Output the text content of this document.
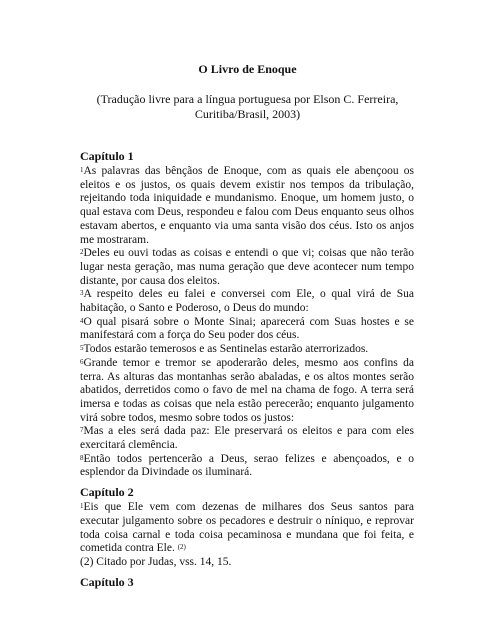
O Livro de Enoque

(Tradução livre para a língua portuguesa por Elson C. Ferreira, Curitiba/Brasil, 2003)

Capítulo 1

$^1$As palavras das bênçãos de Enoque, com as quais ele abençoou os eleitos e os justos, os quais devem existir nos tempos da tribulação, rejeitando toda iniquidade e mundanismo. Enoque, um homem justo, o qual estava com Deus, respondeu e falou com Deus enquanto seus olhos estavam abertos, e enquanto via uma santa visão dos céus. Isto os anjos me mostraram.

$^2$Deles eu ouvi todas as coisas e entendi o que vi; coisas que não terão lugar nesta geração, mas numa geração que deve acontecer num tempo distante, por causa dos eleitos.

$^3$A respeito deles eu falei e conversei com Ele, o qual virá de Sua habitação, o Santo e Poderoso, o Deus do mundo:

$^4$O qual pisará sobre o Monte Sinai; aparecerá com Suas hostes e se manifestará com a força do Seu poder dos céus.

$^5$Todos estarão temerosos e as Sentinelas estarão aterrorizados.

$^6$Grande temor e tremor se apoderarão deles, mesmo aos confins da terra. As alturas das montanhas serão abaladas, e os altos montes serão abatidos, derretidos como o favo de mel na chama de fogo. A terra será imersa e todas as coisas que nela estão perecerão; enquanto julgamento virá sobre todos, mesmo sobre todos os justos:

$^7$Mas a eles será dada paz: Ele preservará os eleitos e para com eles exercitará clemência.

$^8$Então todos pertencerão a Deus, serao felizes e abençoados, e o esplendor da Divindade os iluminará.

Capítulo 2

$^1$Eis que Ele vem com dezenas de milhares dos Seus santos para executar julgamento sobre os pecadores e destruir o níniquo, e reprovar toda coisa carnal e toda coisa pecaminosa e mundana que foi feita, e cometida contra Ele. $^{(2)}$

(2) Citado por Judas, vss. 14, 15.

Capítulo 3
